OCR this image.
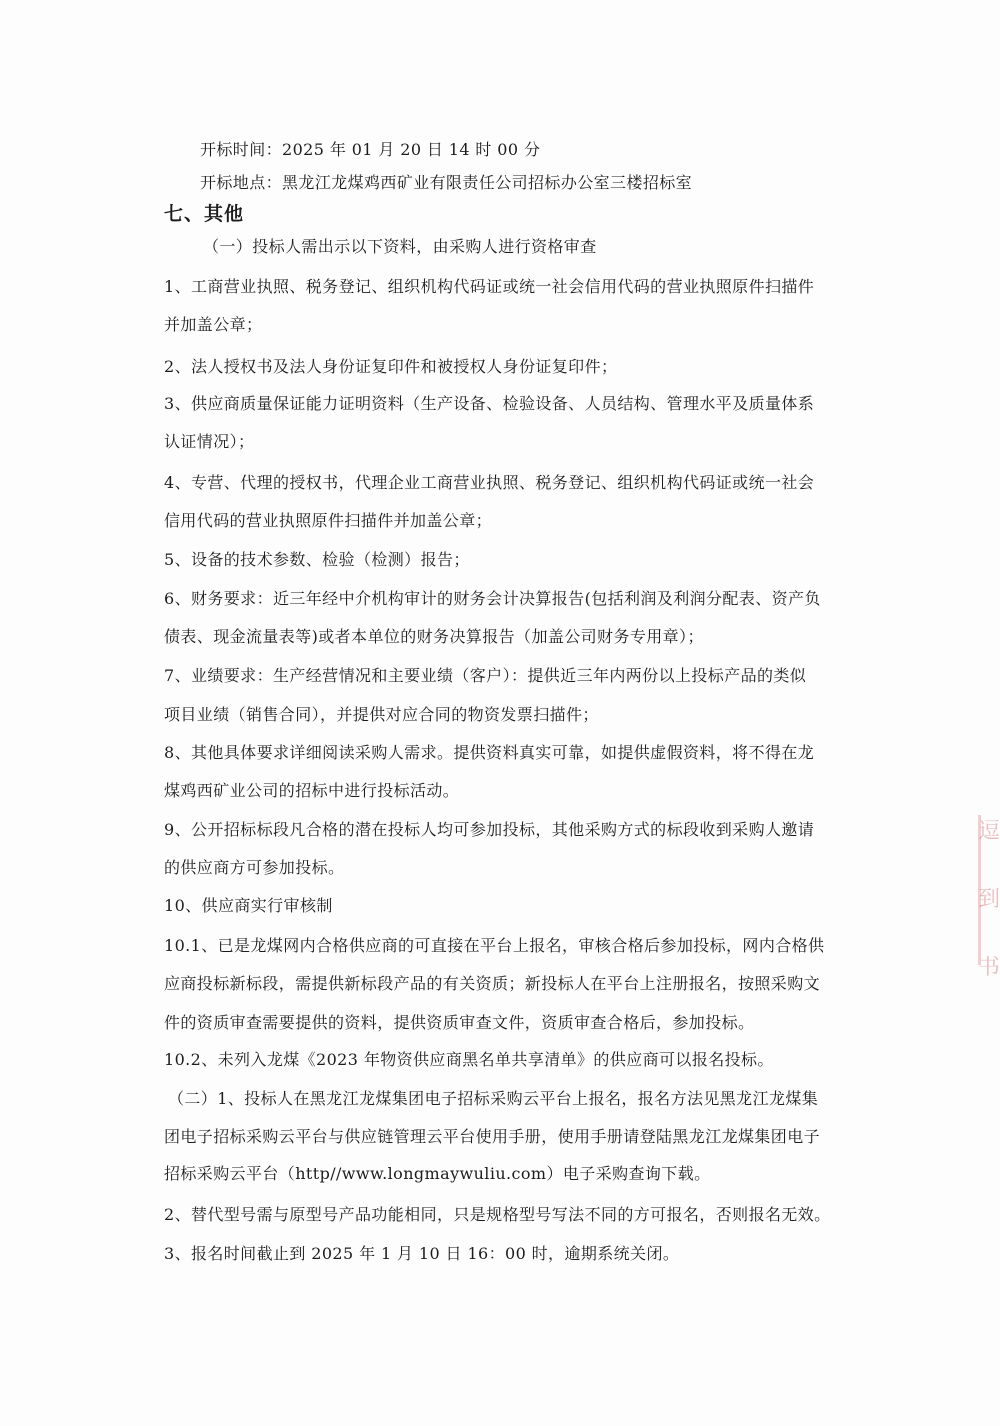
开标时间：2025 年 01 月 20 日 14 时 00 分
开标地点：黑龙江龙煤鸡西矿业有限责任公司招标办公室三楼招标室
七、其他
（一）投标人需出示以下资料，由采购人进行资格审查
1、工商营业执照、税务登记、组织机构代码证或统一社会信用代码的营业执照原件扫描件
并加盖公章；
2、法人授权书及法人身份证复印件和被授权人身份证复印件；
3、供应商质量保证能力证明资料（生产设备、检验设备、人员结构、管理水平及质量体系
认证情况）；
4、专营、代理的授权书，代理企业工商营业执照、税务登记、组织机构代码证或统一社会
信用代码的营业执照原件扫描件并加盖公章；
5、设备的技术参数、检验（检测）报告；
6、财务要求：近三年经中介机构审计的财务会计决算报告(包括利润及利润分配表、资产负
债表、现金流量表等)或者本单位的财务决算报告（加盖公司财务专用章）；
7、业绩要求：生产经营情况和主要业绩（客户）：提供近三年内两份以上投标产品的类似
项目业绩（销售合同），并提供对应合同的物资发票扫描件；
8、其他具体要求详细阅读采购人需求。提供资料真实可靠，如提供虚假资料，将不得在龙
煤鸡西矿业公司的招标中进行投标活动。
9、公开招标标段凡合格的潜在投标人均可参加投标，其他采购方式的标段收到采购人邀请
的供应商方可参加投标。
10、供应商实行审核制
10.1、已是龙煤网内合格供应商的可直接在平台上报名，审核合格后参加投标，网内合格供
应商投标新标段，需提供新标段产品的有关资质；新投标人在平台上注册报名，按照采购文
件的资质审查需要提供的资料，提供资质审查文件，资质审查合格后，参加投标。
10.2、未列入龙煤《2023 年物资供应商黑名单共享清单》的供应商可以报名投标。
（二）1、投标人在黑龙江龙煤集团电子招标采购云平台上报名，报名方法见黑龙江龙煤集
团电子招标采购云平台与供应链管理云平台使用手册，使用手册请登陆黑龙江龙煤集团电子
招标采购云平台（http//www.longmaywuliu.com）电子采购查询下载。
2、替代型号需与原型号产品功能相同，只是规格型号写法不同的方可报名，否则报名无效。
3、报名时间截止到 2025 年 1 月 10 日 16：00 时，逾期系统关闭。
逗
到
书
